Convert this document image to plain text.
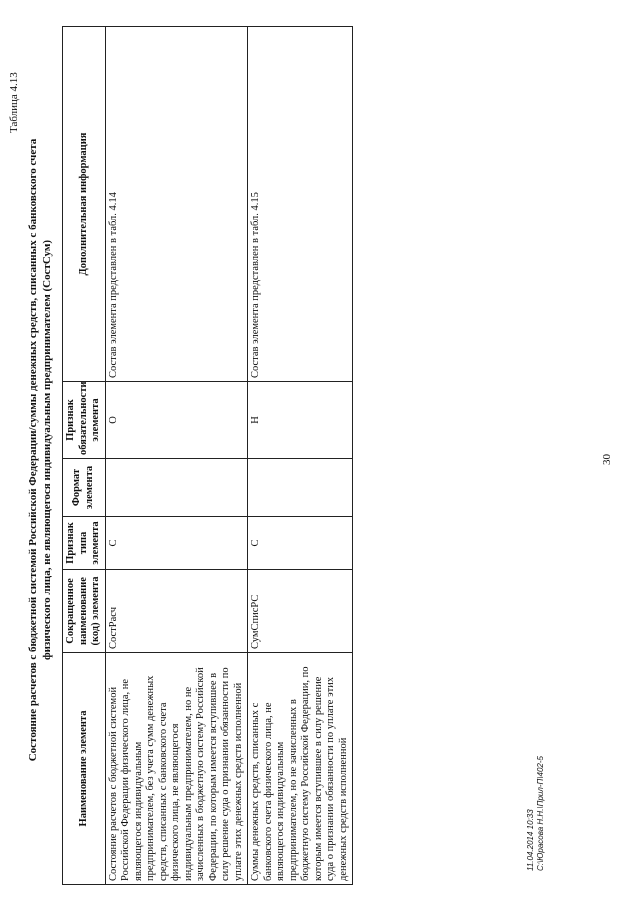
30
Таблица 4.13
Состояние расчетов с бюджетной системой Российской Федерации/суммы денежных средств, списанных с банковского счета физического лица, не являющегося индивидуальным предпринимателем (СостСум)
Наименование элемента	Сокращенное наименование (код) элемента	Признак типа элемента	Формат элемента	Признак обязательности элемента	Дополнительная информация
Состояние расчетов с бюджетной системой Российской Федерации физического лица, не являющегося индивидуальным предпринимателем, без учета сумм денежных средств, списанных с банковского счета физического лица, не являющегося индивидуальным предпринимателем, но не зачисленных в бюджетную систему Российской Федерации, по которым имеется вступившее в силу решение суда о признании обязанности по уплате этих денежных средств исполненной	СостРасч	С		О	Состав элемента представлен в табл. 4.14
Суммы денежных средств, списанных с банковского счета физического лица, не являющегося индивидуальным предпринимателем, но не зачисленных в бюджетную систему Российской Федерации, по которым имеется вступившее в силу решение суда о признании обязанности по уплате этих денежных средств исполненной	СумСписРС	С		Н	Состав элемента представлен в табл. 4.15
11.04.2014 10:33 С:\Юрасова Н.Н.\Прил-П\402-5
